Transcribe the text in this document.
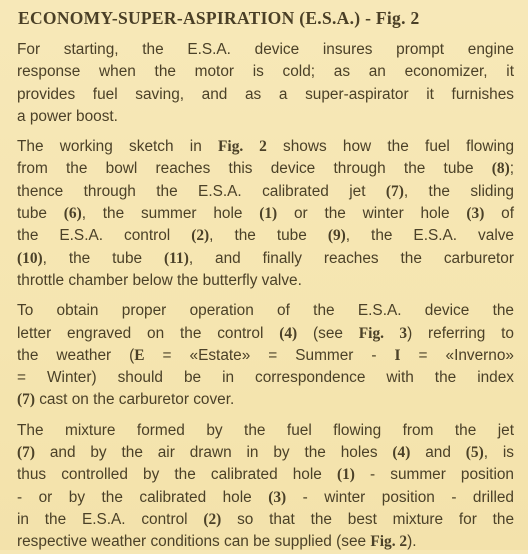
ECONOMY-SUPER-ASPIRATION (E.S.A.) - Fig. 2
For starting, the E.S.A. device insures prompt engine
response when the motor is cold; as an economizer, it
provides fuel saving, and as a super-aspirator it furnishes
a power boost.
The working sketch in Fig. 2 shows how the fuel flowing
from the bowl reaches this device through the tube (8);
thence through the E.S.A. calibrated jet (7), the sliding
tube (6), the summer hole (1) or the winter hole (3) of
the E.S.A. control (2), the tube (9), the E.S.A. valve
(10), the tube (11), and finally reaches the carburetor
throttle chamber below the butterfly valve.
To obtain proper operation of the E.S.A. device the
letter engraved on the control (4) (see Fig. 3) referring to
the weather (E = «Estate» = Summer - I = «Inverno»
= Winter) should be in correspondence with the index
(7) cast on the carburetor cover.
The mixture formed by the fuel flowing from the jet
(7) and by the air drawn in by the holes (4) and (5), is
thus controlled by the calibrated hole (1) - summer position
- or by the calibrated hole (3) - winter position - drilled
in the E.S.A. control (2) so that the best mixture for the
respective weather conditions can be supplied (see Fig. 2).
